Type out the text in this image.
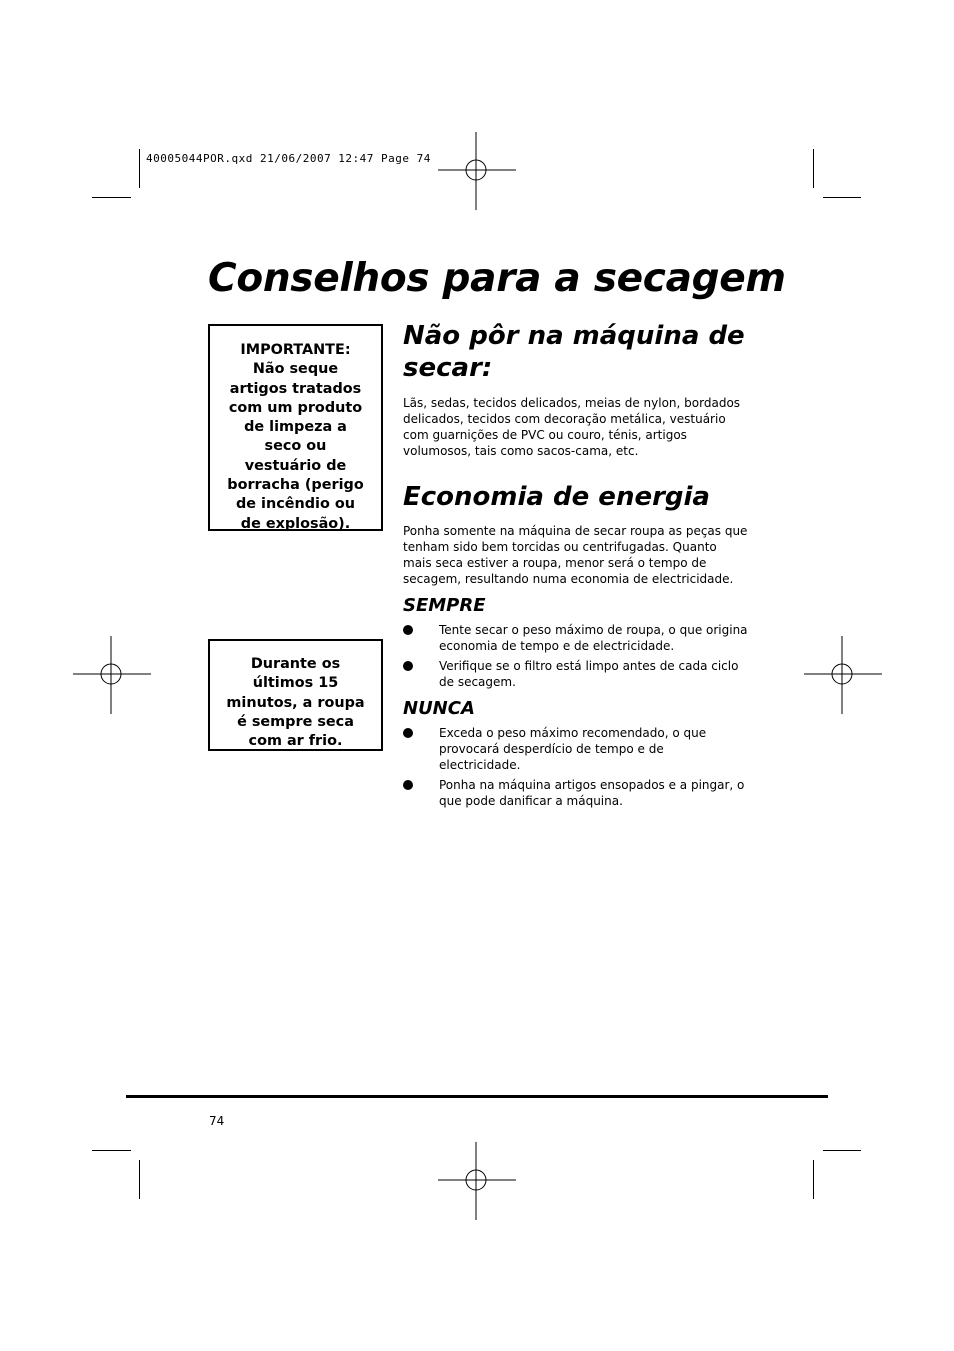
40005044POR.qxd 21/06/2007 12:47 Page 74
Conselhos para a secagem
IMPORTANTE: Não seque artigos tratados com um produto de limpeza a seco ou vestuário de borracha (perigo de incêndio ou de explosão).
Durante os últimos 15 minutos, a roupa é sempre seca com ar frio.
Não pôr na máquina de secar:
Lãs, sedas, tecidos delicados, meias de nylon, bordados delicados, tecidos com decoração metálica, vestuário com guarnições de PVC ou couro, ténis, artigos volumosos, tais como sacos-cama, etc.
Economia de energia
Ponha somente na máquina de secar roupa as peças que tenham sido bem torcidas ou centrifugadas. Quanto mais seca estiver a roupa, menor será o tempo de secagem, resultando numa economia de electricidade.
SEMPRE
Tente secar o peso máximo de roupa, o que origina economia de tempo e de electricidade.
Verifique se o filtro está limpo antes de cada ciclo de secagem.
NUNCA
Exceda o peso máximo recomendado, o que provocará desperdício de tempo e de electricidade.
Ponha na máquina artigos ensopados e a pingar, o que pode danificar a máquina.
74
